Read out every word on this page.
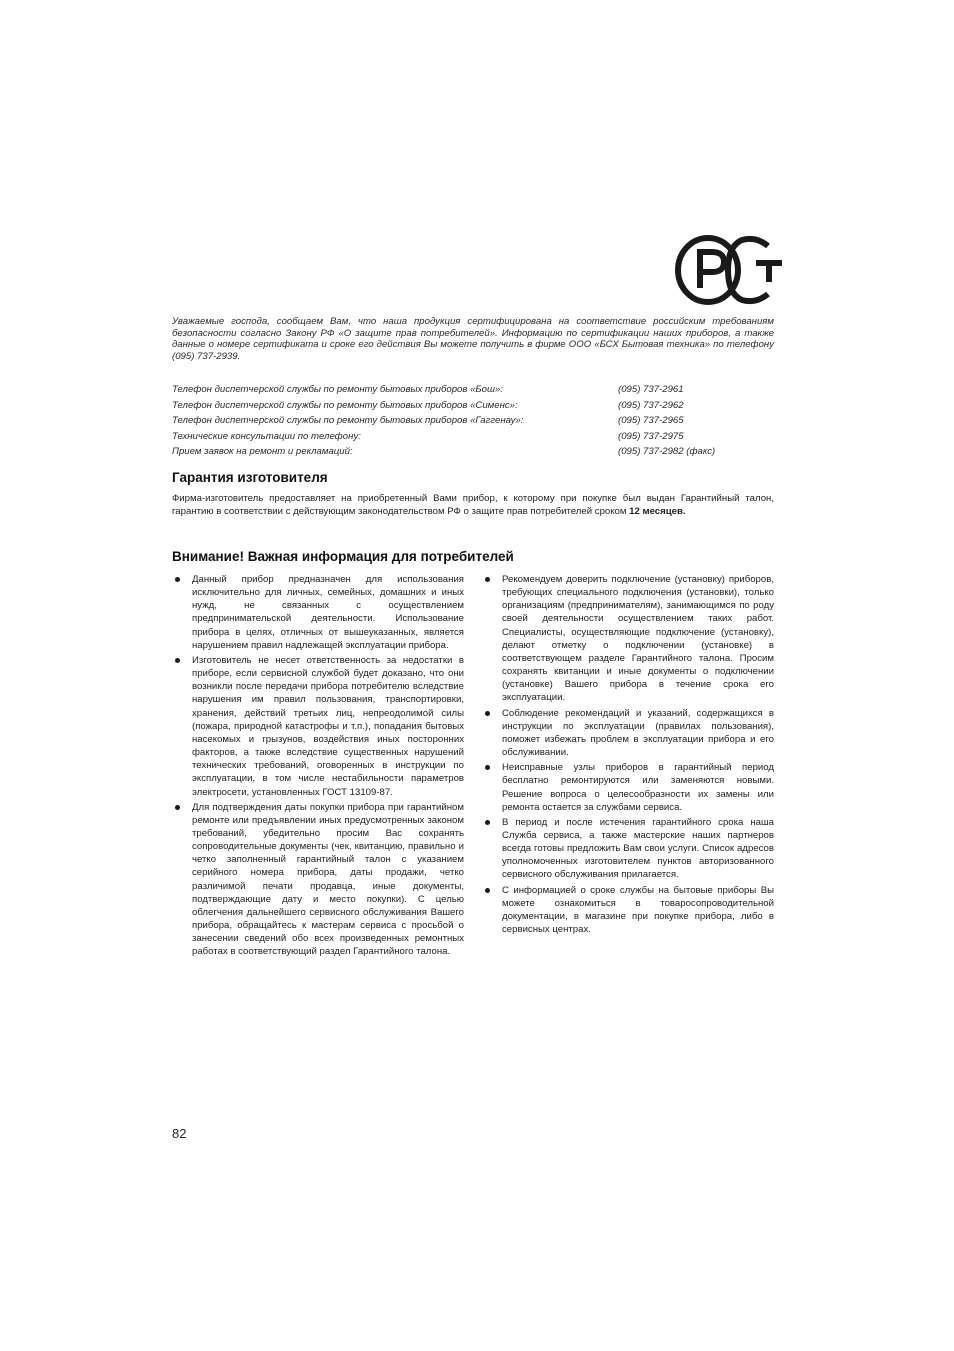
Уважаемые господа, сообщаем Вам, что наша продукция сертифицирована на соответствие российским требованиям безопасности согласно Закону РФ «О защите прав потребителей». Информацию по сертификации наших приборов, а также данные о номере сертификата и сроке его действия Вы можете получить в фирме ООО «БСХ Бытовая техника» по телефону (095) 737-2939.
Телефон диспетчерской службы по ремонту бытовых приборов «Бош»:	(095) 737-2961
Телефон диспетчерской службы по ремонту бытовых приборов «Сименс»:	(095) 737-2962
Телефон диспетчерской службы по ремонту бытовых приборов «Гаггенау»:	(095) 737-2965
Технические консультации по телефону:	(095) 737-2975
Прием заявок на ремонт и рекламаций:	(095) 737-2982 (факс)
Гарантия изготовителя
Фирма-изготовитель предоставляет на приобретенный Вами прибор, к которому при покупке был выдан Гарантийный талон, гарантию в соответствии с действующим законодательством РФ о защите прав потребителей сроком 12 месяцев.
Внимание! Важная информация для потребителей
Данный прибор предназначен для использования исключительно для личных, семейных, домашних и иных нужд, не связанных с осуществлением предпринимательской деятельности. Использование прибора в целях, отличных от вышеуказанных, является нарушением правил надлежащей эксплуатации прибора.
Изготовитель не несет ответственность за недостатки в приборе, если сервисной службой будет доказано, что они возникли после передачи прибора потребителю вследствие нарушения им правил пользования, транспортировки, хранения, действий третьих лиц, непреодолимой силы (пожара, природной катастрофы и т.п.), попадания бытовых насекомых и грызунов, воздействия иных посторонних факторов, а также вследствие существенных нарушений технических требований, оговоренных в инструкции по эксплуатации, в том числе нестабильности параметров электросети, установленных ГОСТ 13109-87.
Для подтверждения даты покупки прибора при гарантийном ремонте или предъявлении иных предусмотренных законом требований, убедительно просим Вас сохранять сопроводительные документы (чек, квитанцию, правильно и четко заполненный гарантийный талон с указанием серийного номера прибора, даты продажи, четко различимой печати продавца, иные документы, подтверждающие дату и место покупки). С целью облегчения дальнейшего сервисного обслуживания Вашего прибора, обращайтесь к мастерам сервиса с просьбой о занесении сведений обо всех произведенных ремонтных работах в соответствующий раздел Гарантийного талона.
Рекомендуем доверить подключение (установку) приборов, требующих специального подключения (установки), только организациям (предпринимателям), занимающимся по роду своей деятельности осуществлением таких работ. Специалисты, осуществляющие подключение (установку), делают отметку о подключении (установке) в соответствующем разделе Гарантийного талона. Просим сохранять квитанции и иные документы о подключении (установке) Вашего прибора в течение срока его эксплуатации.
Соблюдение рекомендаций и указаний, содержащихся в инструкции по эксплуатации (правилах пользования), поможет избежать проблем в эксплуатации прибора и его обслуживании.
Неисправные узлы приборов в гарантийный период бесплатно ремонтируются или заменяются новыми. Решение вопроса о целесообразности их замены или ремонта остается за службами сервиса.
В период и после истечения гарантийного срока наша Служба сервиса, а также мастерские наших партнеров всегда готовы предложить Вам свои услуги. Список адресов уполномоченных изготовителем пунктов авторизованного сервисного обслуживания прилагается.
С информацией о сроке службы на бытовые приборы Вы можете ознакомиться в товаросопроводительной документации, в магазине при покупке прибора, либо в сервисных центрах.
82
